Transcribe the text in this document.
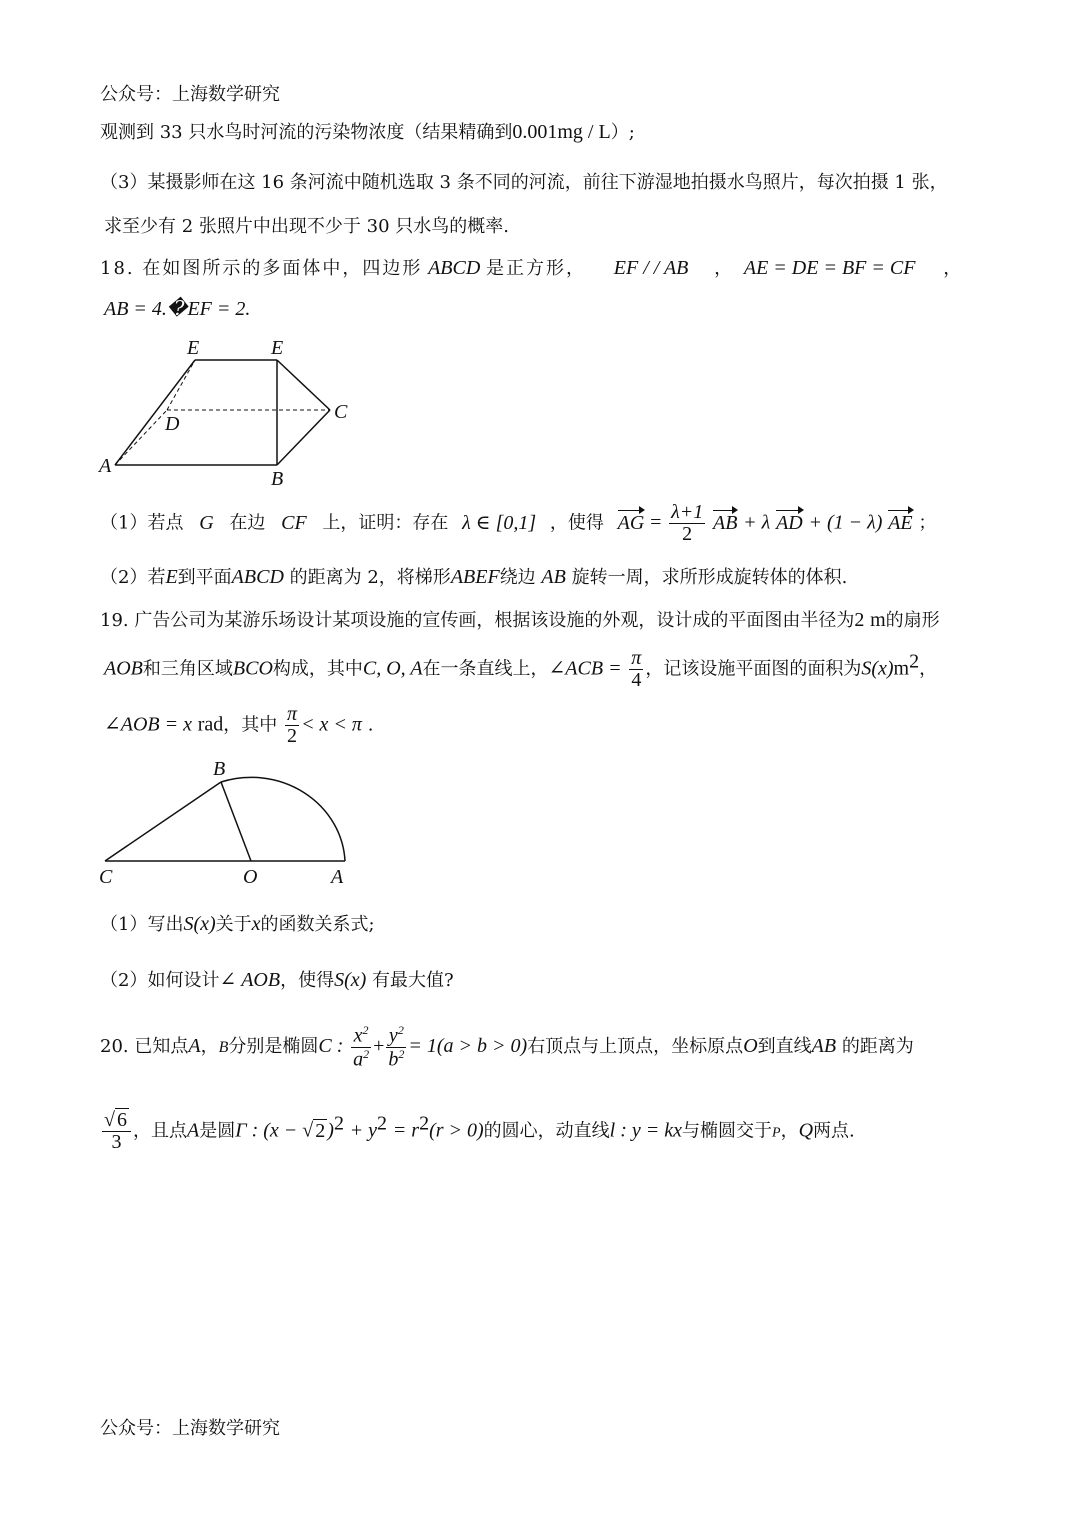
公众号：上海数学研究
观测到 33 只水鸟时河流的污染物浓度（结果精确到0.001mg / L）;
（3）某摄影师在这 16 条河流中随机选取 3 条不同的河流，前往下游湿地拍摄水鸟照片，每次拍摄 1 张，
求至少有 2 张照片中出现不少于 30 只水鸟的概率.
18. 在如图所示的多面体中，四边形 ABCD 是正方形， EF / / AB ， AE = DE = BF = CF ，
AB = 4.�EF = 2.
E	E
C
D
A
B
（1）若点 G 在边 CF 上，证明：存在 λ ∈ [0,1] ，使得 AG = $\frac{\lambda+1}{2}$ AB + λ AD + (1 − λ) AE ；
（2）若E到平面ABCD 的距离为 2，将梯形ABEF绕边 AB 旋转一周，求所形成旋转体的体积.
19. 广告公司为某游乐场设计某项设施的宣传画，根据该设施的外观，设计成的平面图由半径为2 m的扇形
AOB和三角区域BCO构成，其中C, O, A在一条直线上，∠ACB = $\frac{\pi}{4}$ ，记该设施平面图的面积为$S(x)m^2$，
∠AOB = x rad，其中 $\frac{\pi}{2} < x < \pi$ .
B
C	O	A
（1）写出S(x)关于x的函数关系式;
（2）如何设计∠ AOB，使得S(x) 有最大值?
20. 已知点A，B分别是椭圆C : $\frac{x^2}{a^2} + \frac{y^2}{b^2} = 1(a > b > 0)$右顶点与上顶点，坐标原点O到直线AB 的距离为
$\frac{√ 6}{3}$ ，且点A是圆Γ : (x − √ 2 )$^2 + y^2 = r^2(r > 0)$的圆心，动直线l : y = kx与椭圆交于P，Q两点.
公众号：上海数学研究
